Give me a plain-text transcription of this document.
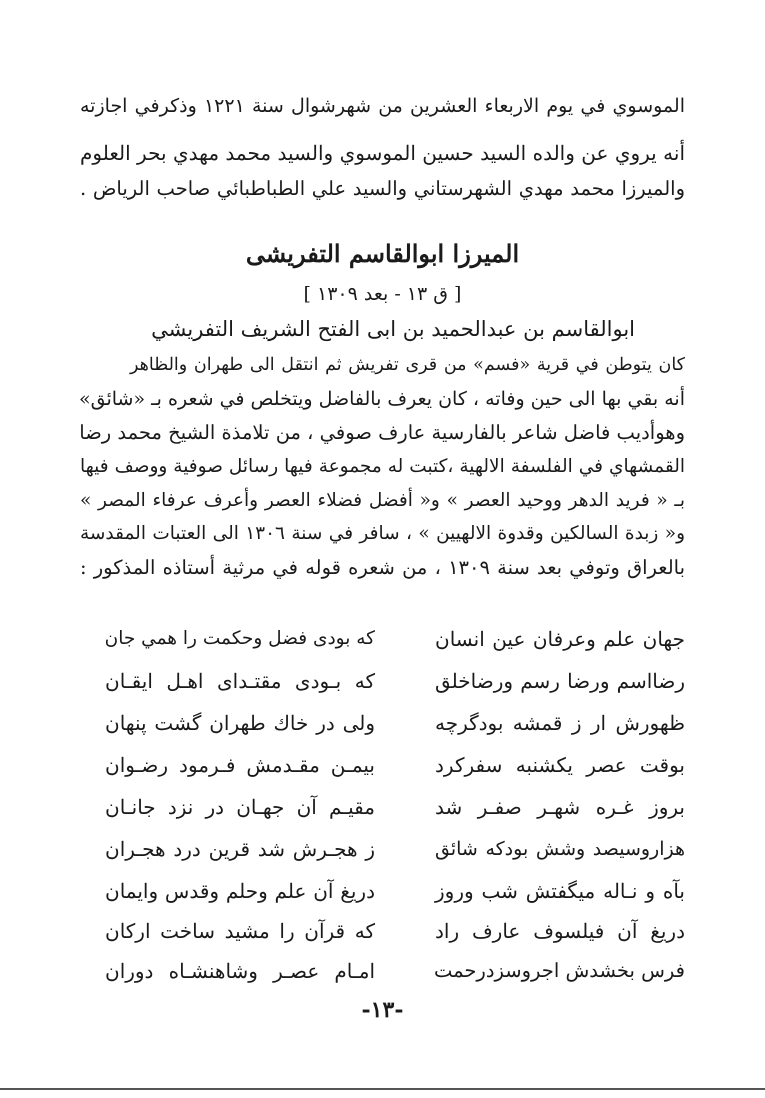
الموسوي في يوم الاربعاء العشرين من شهرشوال سنة ١٢٢١ وذكرفي اجازته
أنه يروي عن والده السيد حسين الموسوي والسيد محمد مهدي بحر العلوم
والميرزا محمد مهدي الشهرستاني والسيد علي الطباطبائي صاحب الرياض .
الميرزا ابوالقاسم التفريشى
[ ق ١٣ - بعد ١٣٠٩ ]
ابوالقاسم بن عبدالحميد بن ابى الفتح الشريف التفريشي
كان يتوطن في قرية «فسم» من قرى تفريش ثم انتقل الى طهران والظاهر
أنه بقي بها الى حين وفاته ، كان يعرف بالفاضل ويتخلص في شعره بـ «شائق»
وهوأديب فاضل شاعر بالفارسية عارف صوفي ، من تلامذة الشيخ محمد رضا
القمشهاي في الفلسفة الالهية ،كتبت له مجموعة فيها رسائل صوفية ووصف فيها
بـ « فريد الدهر ووحيد العصر » و« أفضل فضلاء العصر وأعرف عرفاء المصر »
و« زبدة السالكين وقدوة الالهيين » ، سافر في سنة ١٣٠٦ الى العتبات المقدسة
بالعراق وتوفي بعد سنة ١٣٠٩ ، من شعره قوله في مرثية أستاذه المذكور :
جهان علم وعرفان عين انسان
كه بودى فضل وحكمت را همي جان
رضااسم ورضا رسم ورضاخلق
كه بـودى مقتـداى اهـل ايقـان
ظهورش ار ز قمشه بودگرچه
ولى در خاك طهران گشت پنهان
بوقت عصر يكشنبه سفركرد
بيمـن مقـدمش فـرمود رضـوان
بروز غـره شهـر صفـر شد
مقيـم آن جهـان در نزد جانـان
هزاروسيصد وشش بودكه شائق
ز هجـرش شد قرين درد هجـران
بآه و نـاله ميگفتش شب وروز
دريغ آن علم وحلم وقدس وايمان
دريغ آن فيلسوف عارف راد
كه قرآن را مشيد ساخت اركان
فرس بخشدش اجروسزدرحمت
امـام عصـر وشاهنشـاه دوران
-١٣-
